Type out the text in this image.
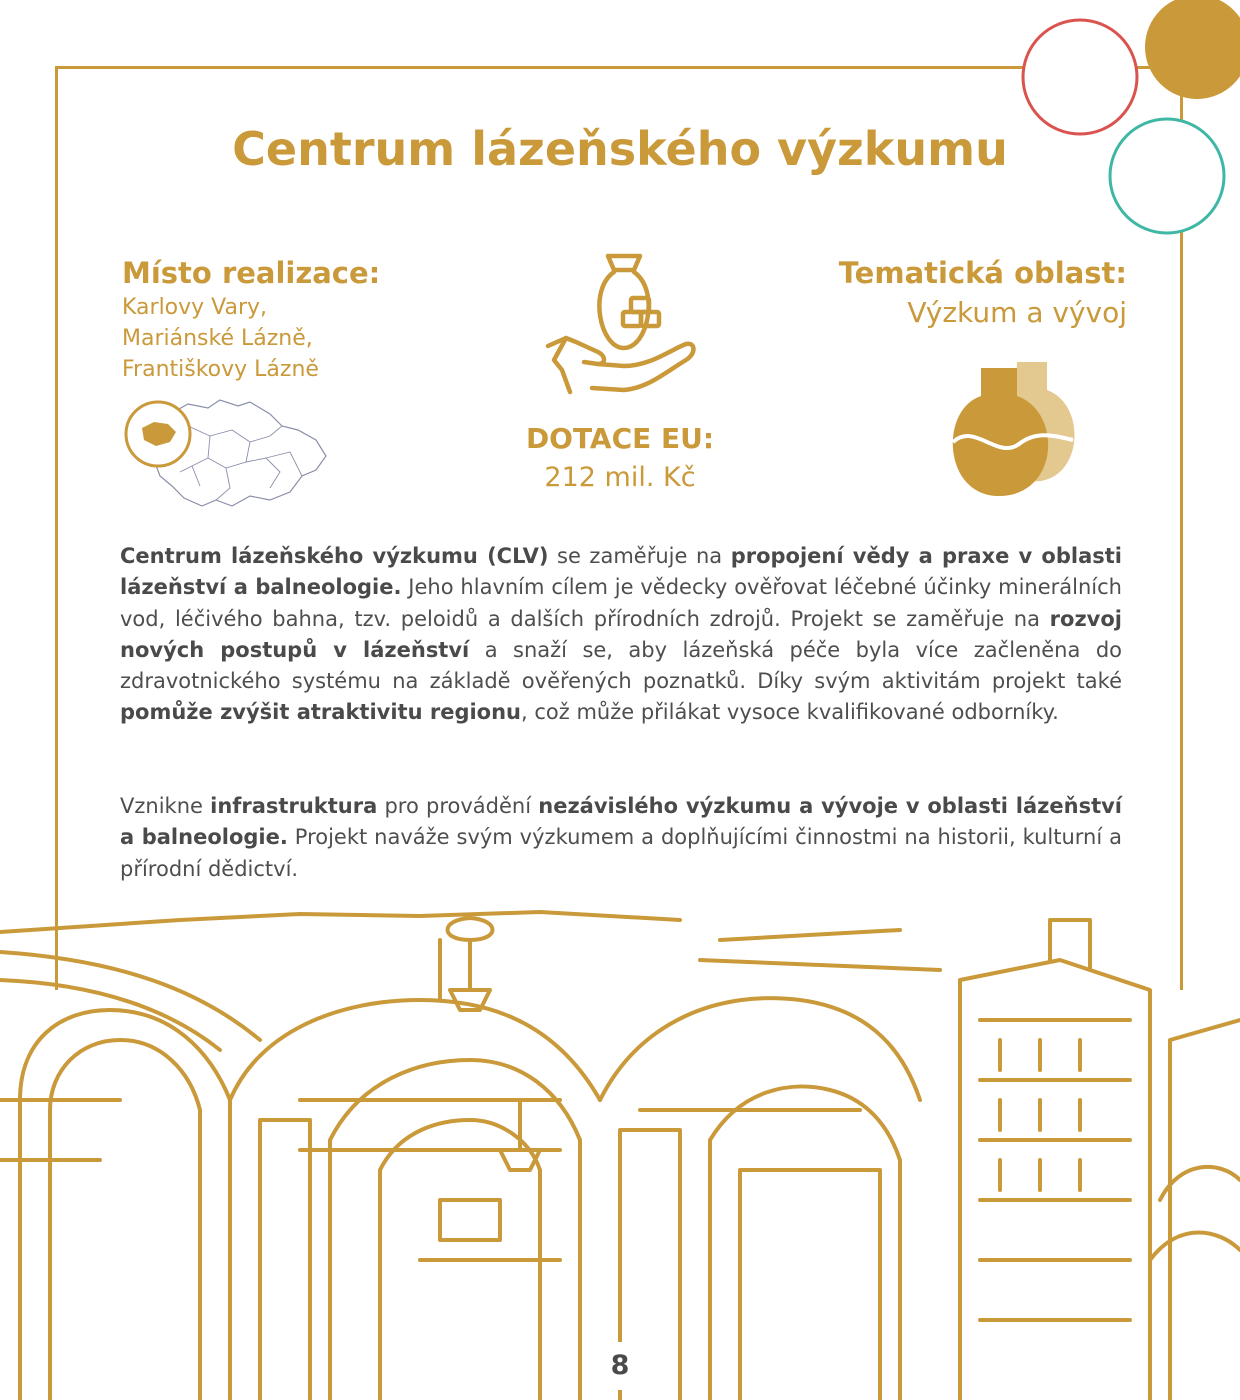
Centrum lázeňského výzkumu
Místo realizace:
Karlovy Vary,
Mariánské Lázně,
Františkovy Lázně
DOTACE EU:
212 mil. Kč
Tematická oblast:
Výzkum a vývoj

Centrum lázeňského výzkumu (CLV) se zaměřuje na propojení vědy a praxe v oblasti lázeňství a balneologie. Jeho hlavním cílem je vědecky ověřovat léčebné účinky minerálních vod, léčivého bahna, tzv. peloidů a dalších přírodních zdrojů. Projekt se zaměřuje na rozvoj nových postupů v lázeňství a snaží se, aby lázeňská péče byla více začleněna do zdravotnického systému na základě ověřených poznatků. Díky svým aktivitám projekt také pomůže zvýšit atraktivitu regionu, což může přilákat vysoce kvalifikované odborníky.

Vznikne infrastruktura pro provádění nezávislého výzkumu a vývoje v oblasti lázeňství a balneologie. Projekt naváže svým výzkumem a doplňujícími činnostmi na historii, kulturní a přírodní dědictví.

8
